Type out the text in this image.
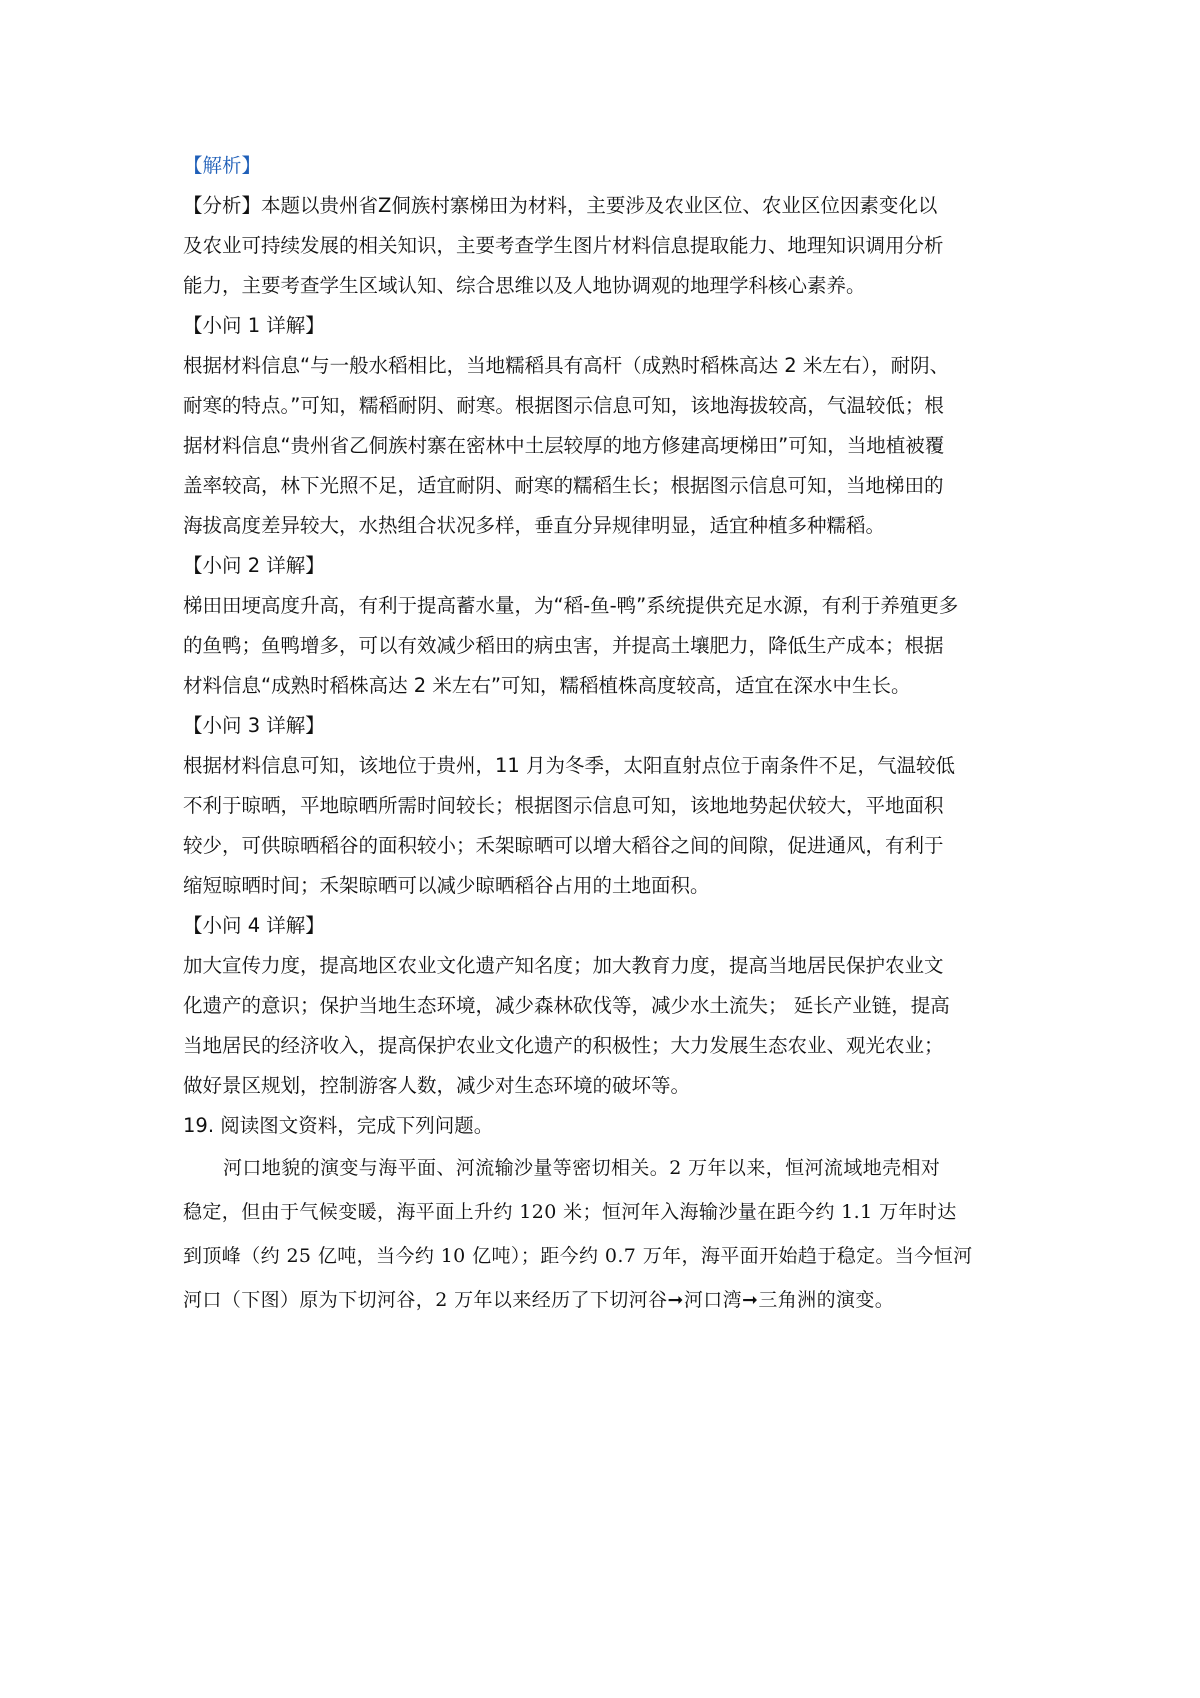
【解析】
【分析】本题以贵州省Z侗族村寨梯田为材料，主要涉及农业区位、农业区位因素变化以
及农业可持续发展的相关知识，主要考查学生图片材料信息提取能力、地理知识调用分析
能力，主要考查学生区域认知、综合思维以及人地协调观的地理学科核心素养。
【小问 1 详解】
根据材料信息“与一般水稻相比，当地糯稻具有高杆（成熟时稻株高达 2 米左右），耐阴、
耐寒的特点。”可知，糯稻耐阴、耐寒。根据图示信息可知，该地海拔较高，气温较低；根
据材料信息“贵州省乙侗族村寨在密林中土层较厚的地方修建高埂梯田”可知，当地植被覆
盖率较高，林下光照不足，适宜耐阴、耐寒的糯稻生长；根据图示信息可知，当地梯田的
海拔高度差异较大，水热组合状况多样，垂直分异规律明显，适宜种植多种糯稻。
【小问 2 详解】
梯田田埂高度升高，有利于提高蓄水量，为“稻-鱼-鸭”系统提供充足水源，有利于养殖更多
的鱼鸭；鱼鸭增多，可以有效减少稻田的病虫害，并提高土壤肥力，降低生产成本；根据
材料信息“成熟时稻株高达 2 米左右”可知，糯稻植株高度较高，适宜在深水中生长。
【小问 3 详解】
根据材料信息可知，该地位于贵州，11 月为冬季，太阳直射点位于南条件不足，气温较低
不利于晾晒，平地晾晒所需时间较长；根据图示信息可知，该地地势起伏较大，平地面积
较少，可供晾晒稻谷的面积较小；禾架晾晒可以增大稻谷之间的间隙，促进通风，有利于
缩短晾晒时间；禾架晾晒可以减少晾晒稻谷占用的土地面积。
【小问 4 详解】
加大宣传力度，提高地区农业文化遗产知名度；加大教育力度，提高当地居民保护农业文
化遗产的意识；保护当地生态环境，减少森林砍伐等，减少水土流失； 延长产业链，提高
当地居民的经济收入，提高保护农业文化遗产的积极性；大力发展生态农业、观光农业；
做好景区规划，控制游客人数，减少对生态环境的破坏等。
19. 阅读图文资料，完成下列问题。
河口地貌的演变与海平面、河流输沙量等密切相关。2 万年以来，恒河流域地壳相对
稳定，但由于气候变暖，海平面上升约 120 米；恒河年入海输沙量在距今约 1.1 万年时达
到顶峰（约 25 亿吨，当今约 10 亿吨）；距今约 0.7 万年，海平面开始趋于稳定。当今恒河
河口（下图）原为下切河谷，2 万年以来经历了下切河谷➞河口湾➞三角洲的演变。
